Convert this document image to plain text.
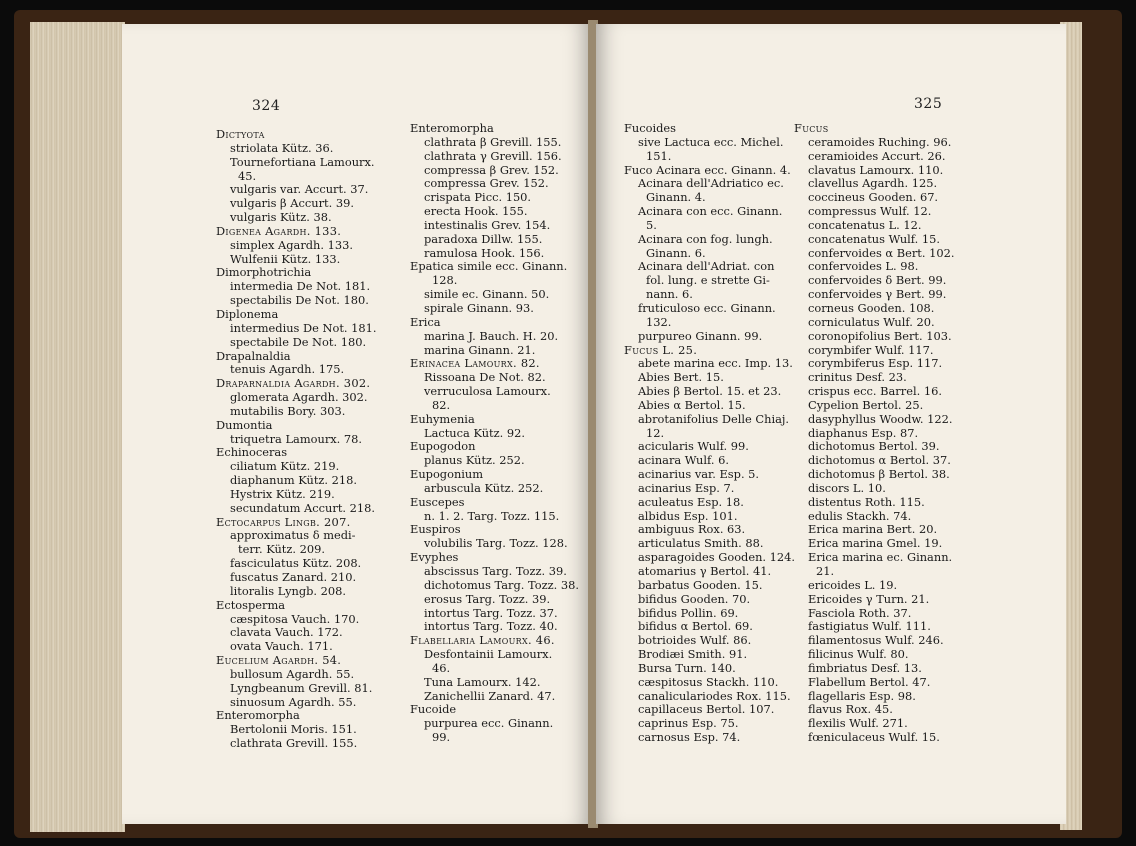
324
Dictyota
striolata Kütz. 36.
Tournefortiana Lamourx.
45.
vulgaris var. Accurt. 37.
vulgaris β Accurt. 39.
vulgaris Kütz. 38.
Digenea Agardh. 133.
simplex Agardh. 133.
Wulfenii Kütz. 133.
Dimorphotrichia
intermedia De Not. 181.
spectabilis De Not. 180.
Diplonema
intermedius De Not. 181.
spectabile De Not. 180.
Drapalnaldia
tenuis Agardh. 175.
Draparnaldia Agardh. 302.
glomerata Agardh. 302.
mutabilis Bory. 303.
Dumontia
triquetra Lamourx. 78.
Echinoceras
ciliatum Kütz. 219.
diaphanum Kütz. 218.
Hystrix Kütz. 219.
secundatum Accurt. 218.
Ectocarpus Lingb. 207.
approximatus δ medi-
terr. Kütz. 209.
fasciculatus Kütz. 208.
fuscatus Zanard. 210.
litoralis Lyngb. 208.
Ectosperma
cæspitosa Vauch. 170.
clavata Vauch. 172.
ovata Vauch. 171.
Eucelium Agardh. 54.
bullosum Agardh. 55.
Lyngbeanum Grevill. 81.
sinuosum Agardh. 55.
Enteromorpha
Bertolonii Moris. 151.
clathrata Grevill. 155.
Enteromorpha
clathrata β Grevill. 155.
clathrata γ Grevill. 156.
compressa β Grev. 152.
compressa Grev. 152.
crispata Picc. 150.
erecta Hook. 155.
intestinalis Grev. 154.
paradoxa Dillw. 155.
ramulosa Hook. 156.
Epatica simile ecc. Ginann.
128.
simile ec. Ginann. 50.
spirale Ginann. 93.
Erica
marina J. Bauch. H. 20.
marina Ginann. 21.
Erinacea Lamourx. 82.
Rissoana De Not. 82.
verruculosa Lamourx.
82.
Euhymenia
Lactuca Kütz. 92.
Eupogodon
planus Kütz. 252.
Eupogonium
arbuscula Kütz. 252.
Euscepes
n. 1. 2. Targ. Tozz. 115.
Euspiros
volubilis Targ. Tozz. 128.
Evyphes
abscissus Targ. Tozz. 39.
dichotomus Targ. Tozz. 38.
erosus Targ. Tozz. 39.
intortus Targ. Tozz. 37.
intortus Targ. Tozz. 40.
Flabellaria Lamourx. 46.
Desfontainii Lamourx.
46.
Tuna Lamourx. 142.
Zanichellii Zanard. 47.
Fucoide
purpurea ecc. Ginann.
99.
325
Fucoides
sive Lactuca ecc. Michel.
151.
Fuco Acinara ecc. Ginann. 4.
Acinara dell'Adriatico ec.
Ginann. 4.
Acinara con ecc. Ginann.
5.
Acinara con fog. lungh.
Ginann. 6.
Acinara dell'Adriat. con
fol. lung. e strette Gi-
nann. 6.
fruticuloso ecc. Ginann.
132.
purpureo Ginann. 99.
Fucus L. 25.
abete marina ecc. Imp. 13.
Abies Bert. 15.
Abies β Bertol. 15. et 23.
Abies α Bertol. 15.
abrotanifolius Delle Chiaj.
12.
acicularis Wulf. 99.
acinara Wulf. 6.
acinarius var. Esp. 5.
acinarius Esp. 7.
aculeatus Esp. 18.
albidus Esp. 101.
ambiguus Rox. 63.
articulatus Smith. 88.
asparagoides Gooden. 124.
atomarius γ Bertol. 41.
barbatus Gooden. 15.
bifidus Gooden. 70.
bifidus Pollin. 69.
bifidus α Bertol. 69.
botrioides Wulf. 86.
Brodiæi Smith. 91.
Bursa Turn. 140.
cæspitosus Stackh. 110.
canaliculariodes Rox. 115.
capillaceus Bertol. 107.
caprinus Esp. 75.
carnosus Esp. 74.
Fucus
ceramoides Ruching. 96.
ceramioides Accurt. 26.
clavatus Lamourx. 110.
clavellus Agardh. 125.
coccineus Gooden. 67.
compressus Wulf. 12.
concatenatus L. 12.
concatenatus Wulf. 15.
confervoides α Bert. 102.
confervoides L. 98.
confervoides δ Bert. 99.
confervoides γ Bert. 99.
corneus Gooden. 108.
corniculatus Wulf. 20.
coronopifolius Bert. 103.
corymbifer Wulf. 117.
corymbiferus Esp. 117.
crinitus Desf. 23.
crispus ecc. Barrel. 16.
Cypelion Bertol. 25.
dasyphyllus Woodw. 122.
diaphanus Esp. 87.
dichotomus Bertol. 39.
dichotomus α Bertol. 37.
dichotomus β Bertol. 38.
discors L. 10.
distentus Roth. 115.
edulis Stackh. 74.
Erica marina Bert. 20.
Erica marina Gmel. 19.
Erica marina ec. Ginann.
21.
ericoides L. 19.
Ericoides γ Turn. 21.
Fasciola Roth. 37.
fastigiatus Wulf. 111.
filamentosus Wulf. 246.
filicinus Wulf. 80.
fimbriatus Desf. 13.
Flabellum Bertol. 47.
flagellaris Esp. 98.
flavus Rox. 45.
flexilis Wulf. 271.
fœniculaceus Wulf. 15.
